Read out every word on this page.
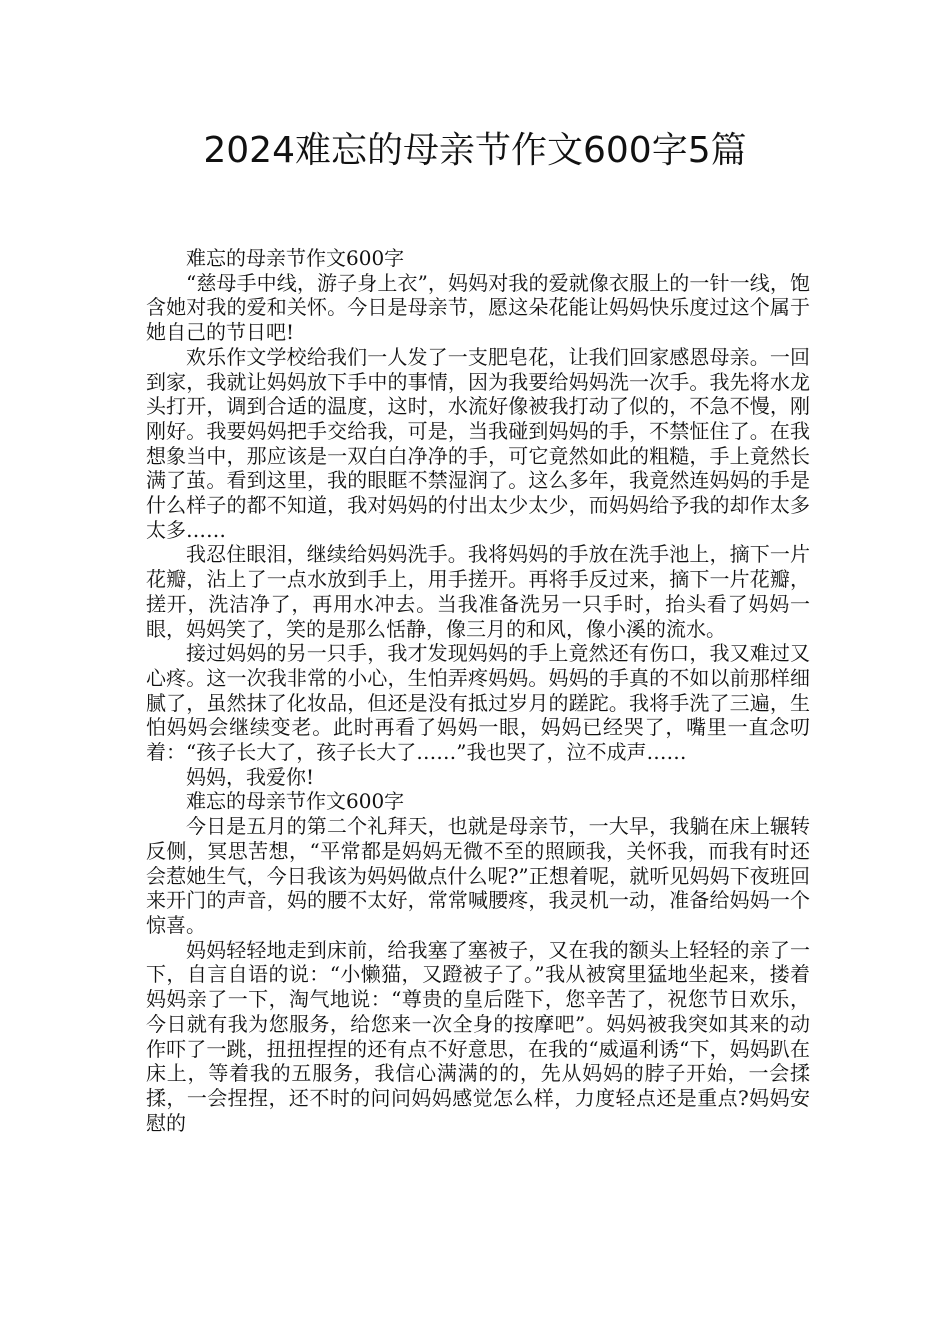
2024难忘的母亲节作文600字5篇

难忘的母亲节作文600字

“慈母手中线，游子身上衣”，妈妈对我的爱就像衣服上的一针一线，饱含她对我的爱和关怀。今日是母亲节，愿这朵花能让妈妈快乐度过这个属于她自己的节日吧!

欢乐作文学校给我们一人发了一支肥皂花，让我们回家感恩母亲。一回到家，我就让妈妈放下手中的事情，因为我要给妈妈洗一次手。我先将水龙头打开，调到合适的温度，这时，水流好像被我打动了似的，不急不慢，刚刚好。我要妈妈把手交给我，可是，当我碰到妈妈的手，不禁怔住了。在我想象当中，那应该是一双白白净净的手，可它竟然如此的粗糙，手上竟然长满了茧。看到这里，我的眼眶不禁湿润了。这么多年，我竟然连妈妈的手是什么样子的都不知道，我对妈妈的付出太少太少，而妈妈给予我的却作太多太多……

我忍住眼泪，继续给妈妈洗手。我将妈妈的手放在洗手池上，摘下一片花瓣，沾上了一点水放到手上，用手搓开。再将手反过来，摘下一片花瓣，搓开，洗洁净了，再用水冲去。当我准备洗另一只手时，抬头看了妈妈一眼，妈妈笑了，笑的是那么恬静，像三月的和风，像小溪的流水。

接过妈妈的另一只手，我才发现妈妈的手上竟然还有伤口，我又难过又心疼。这一次我非常的小心，生怕弄疼妈妈。妈妈的手真的不如以前那样细腻了，虽然抹了化妆品，但还是没有抵过岁月的蹉跎。我将手洗了三遍，生怕妈妈会继续变老。此时再看了妈妈一眼，妈妈已经哭了，嘴里一直念叨着：“孩子长大了，孩子长大了……”我也哭了，泣不成声……

妈妈，我爱你!

难忘的母亲节作文600字

今日是五月的第二个礼拜天，也就是母亲节，一大早，我躺在床上辗转反侧，冥思苦想，“平常都是妈妈无微不至的照顾我，关怀我，而我有时还会惹她生气，今日我该为妈妈做点什么呢?”正想着呢，就听见妈妈下夜班回来开门的声音，妈的腰不太好，常常喊腰疼，我灵机一动，准备给妈妈一个惊喜。

妈妈轻轻地走到床前，给我塞了塞被子，又在我的额头上轻轻的亲了一下，自言自语的说：“小懒猫，又蹬被子了。”我从被窝里猛地坐起来，搂着妈妈亲了一下，淘气地说：“尊贵的皇后陛下，您辛苦了，祝您节日欢乐，今日就有我为您服务，给您来一次全身的按摩吧”。妈妈被我突如其来的动作吓了一跳，扭扭捏捏的还有点不好意思，在我的“威逼利诱“下，妈妈趴在床上，等着我的五服务，我信心满满的的，先从妈妈的脖子开始，一会揉揉，一会捏捏，还不时的问问妈妈感觉怎么样，力度轻点还是重点?妈妈安慰的
